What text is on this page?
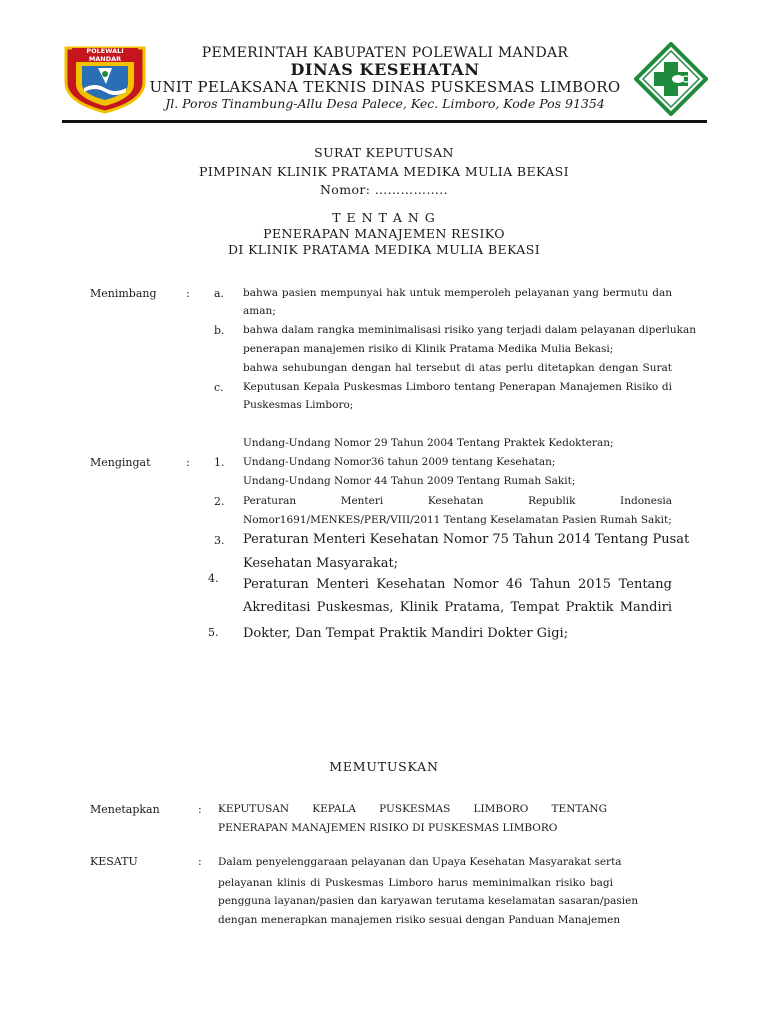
POLEWALI MANDAR	PEMERINTAH KABUPATEN POLEWALI MANDAR
DINAS KESEHATAN
UNIT PELAKSANA TEKNIS DINAS PUSKESMAS LIMBORO
Jl. Poros Tinambung-Allu Desa Palece, Kec. Limboro, Kode Pos 91354
SURAT KEPUTUSAN
PIMPINAN KLINIK PRATAMA MEDIKA MULIA BEKASI
Nomor: ……………..
T E N T A N G
PENERAPAN MANAJEMEN RESIKO
DI KLINIK PRATAMA MEDIKA MULIA BEKASI
Menimbang	: a. bahwa pasien mempunyai hak untuk memperoleh pelayanan yang bermutu dan
aman;
b. bahwa dalam rangka meminimalisasi risiko yang terjadi dalam pelayanan diperlukan
penerapan manajemen risiko di Klinik Pratama Medika Mulia Bekasi;
bahwa sehubungan dengan hal tersebut di atas perlu ditetapkan dengan Surat
c. Keputusan Kepala Puskesmas Limboro tentang Penerapan Manajemen Risiko di
Puskesmas Limboro;
Undang-Undang Nomor 29 Tahun 2004 Tentang Praktek Kedokteran;
Mengingat	: 1. Undang-Undang Nomor36 tahun 2009 tentang Kesehatan;
Undang-Undang Nomor 44 Tahun 2009 Tentang Rumah Sakit;
2. Peraturan Menteri Kesehatan Republik Indonesia
Nomor1691/MENKES/PER/VIII/2011 Tentang Keselamatan Pasien Rumah Sakit;
3. Peraturan Menteri Kesehatan Nomor 75 Tahun 2014 Tentang Pusat
Kesehatan Masyarakat;
4. Peraturan Menteri Kesehatan Nomor 46 Tahun 2015 Tentang
Akreditasi Puskesmas, Klinik Pratama, Tempat Praktik Mandiri
5. Dokter, Dan Tempat Praktik Mandiri Dokter Gigi;
MEMUTUSKAN
Menetapkan	: KEPUTUSAN KEPALA PUSKESMAS LIMBORO TENTANG
PENERAPAN MANAJEMEN RISIKO DI PUSKESMAS LIMBORO
KESATU	: Dalam penyelenggaraan pelayanan dan Upaya Kesehatan Masyarakat serta
pelayanan klinis di Puskesmas Limboro harus meminimalkan risiko bagi
pengguna layanan/pasien dan karyawan terutama keselamatan sasaran/pasien
dengan menerapkan manajemen risiko sesuai dengan Panduan Manajemen
